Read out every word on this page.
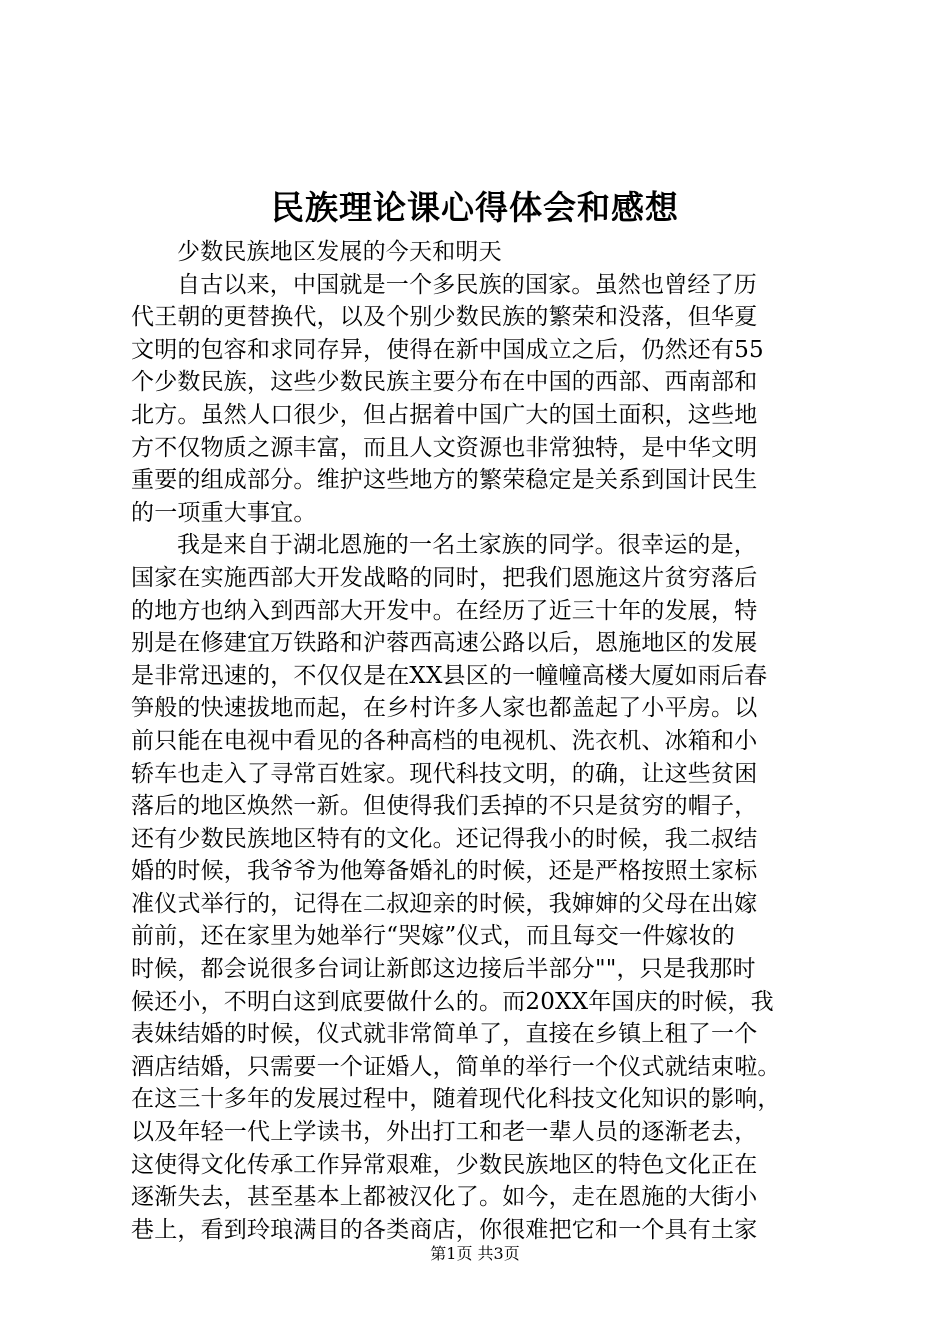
民族理论课心得体会和感想
少数民族地区发展的今天和明天
自古以来，中国就是一个多民族的国家。虽然也曾经了历
代王朝的更替换代，以及个别少数民族的繁荣和没落，但华夏
文明的包容和求同存异，使得在新中国成立之后，仍然还有55
个少数民族，这些少数民族主要分布在中国的西部、西南部和
北方。虽然人口很少，但占据着中国广大的国土面积，这些地
方不仅物质之源丰富，而且人文资源也非常独特，是中华文明
重要的组成部分。维护这些地方的繁荣稳定是关系到国计民生
的一项重大事宜。
我是来自于湖北恩施的一名土家族的同学。很幸运的是，
国家在实施西部大开发战略的同时，把我们恩施这片贫穷落后
的地方也纳入到西部大开发中。在经历了近三十年的发展，特
别是在修建宜万铁路和沪蓉西高速公路以后，恩施地区的发展
是非常迅速的，不仅仅是在XX县区的一幢幢高楼大厦如雨后春
笋般的快速拔地而起，在乡村许多人家也都盖起了小平房。以
前只能在电视中看见的各种高档的电视机、洗衣机、冰箱和小
轿车也走入了寻常百姓家。现代科技文明，的确，让这些贫困
落后的地区焕然一新。但使得我们丢掉的不只是贫穷的帽子，
还有少数民族地区特有的文化。还记得我小的时候，我二叔结
婚的时候，我爷爷为他筹备婚礼的时候，还是严格按照土家标
准仪式举行的，记得在二叔迎亲的时候，我婶婶的父母在出嫁
前前，还在家里为她举行“哭嫁”仪式，而且每交一件嫁妆的
时候，都会说很多台词让新郎这边接后半部分""，只是我那时
候还小，不明白这到底要做什么的。而20XX年国庆的时候，我
表妹结婚的时候，仪式就非常简单了，直接在乡镇上租了一个
酒店结婚，只需要一个证婚人，简单的举行一个仪式就结束啦。
在这三十多年的发展过程中，随着现代化科技文化知识的影响，
以及年轻一代上学读书，外出打工和老一辈人员的逐渐老去，
这使得文化传承工作异常艰难，少数民族地区的特色文化正在
逐渐失去，甚至基本上都被汉化了。如今，走在恩施的大街小
巷上，看到玲琅满目的各类商店，你很难把它和一个具有土家
第1页 共3页
